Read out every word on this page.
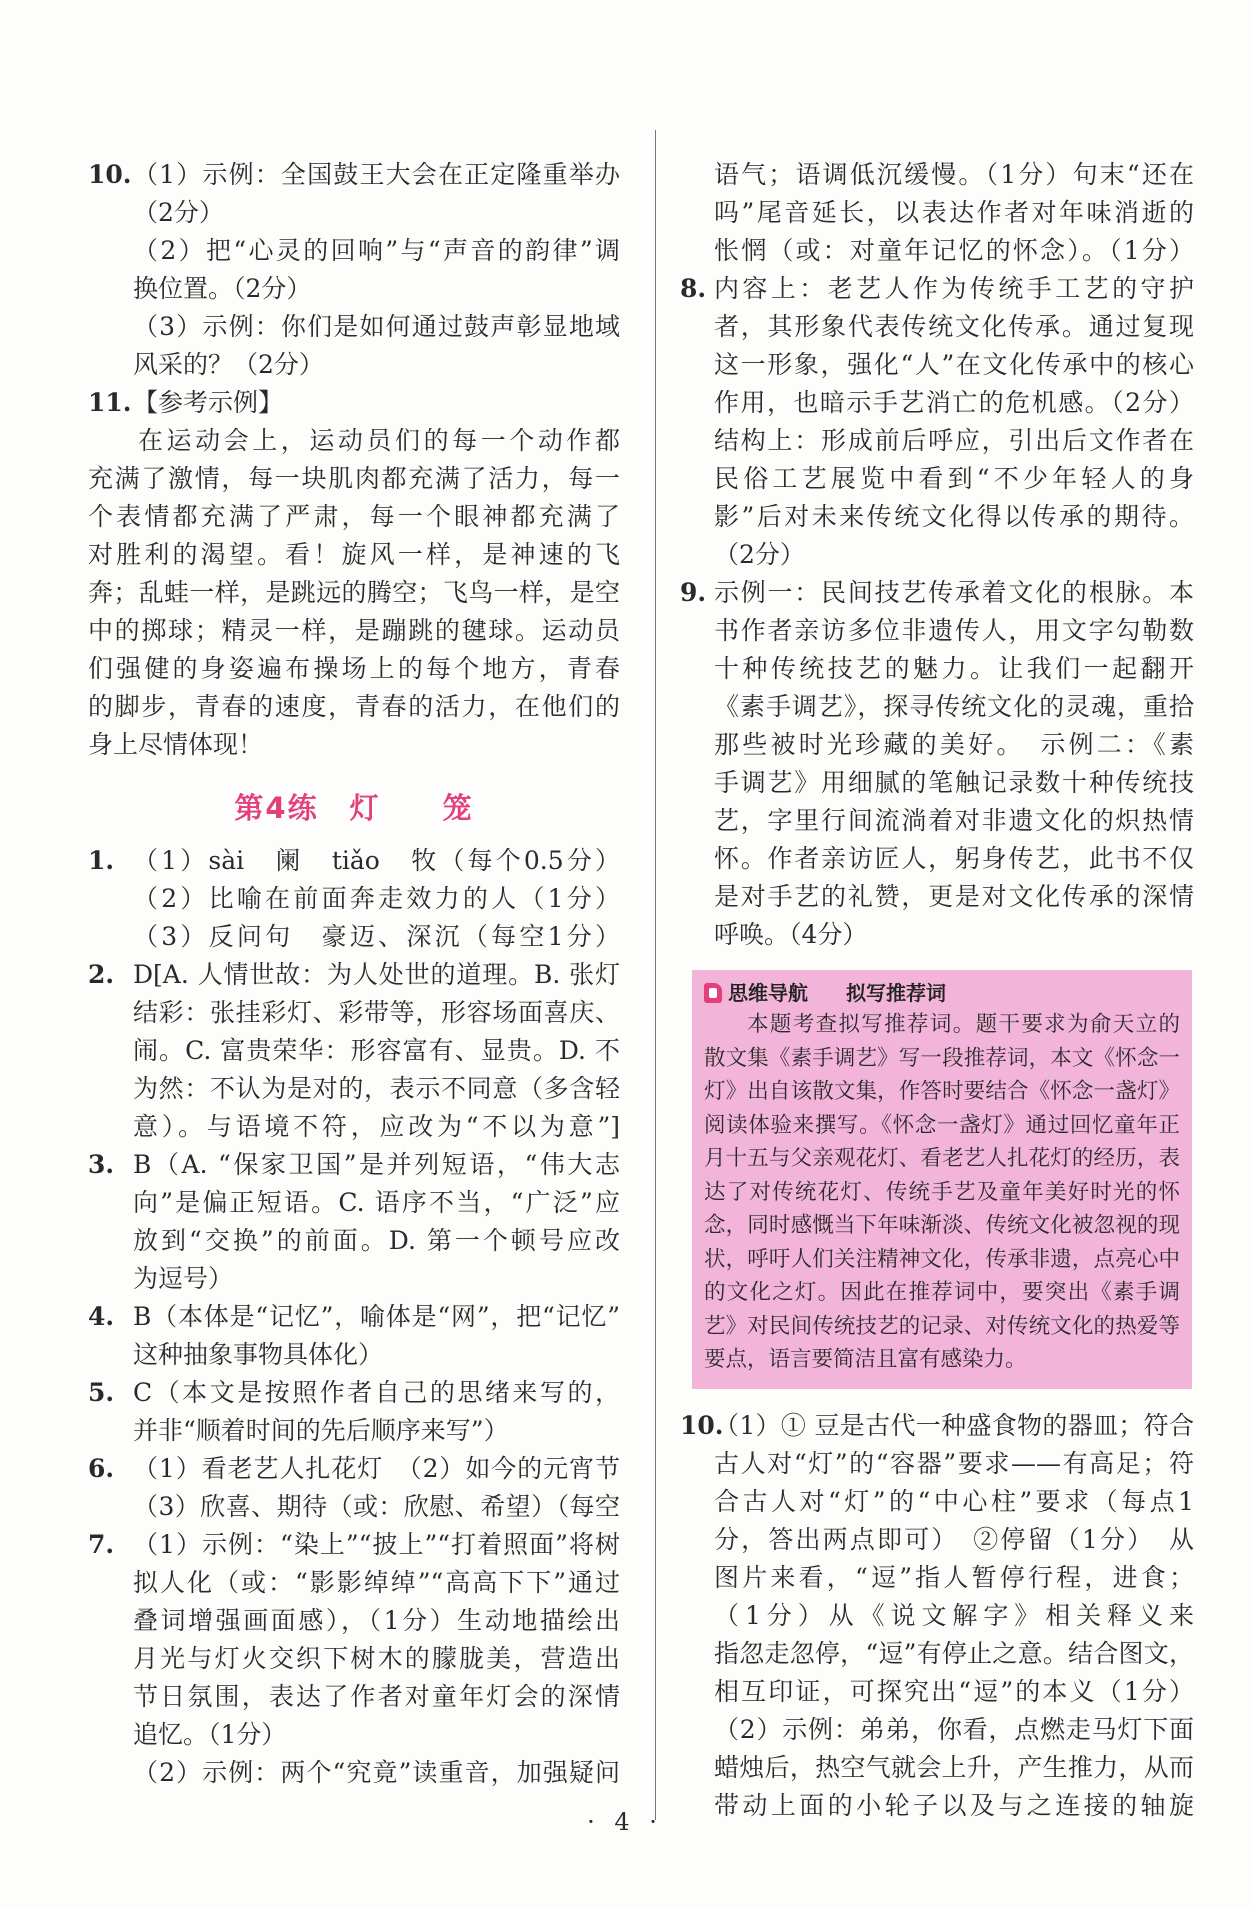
10. （1）示例：全国鼓王大会在正定隆重举办
（2分）
（2）把“心灵的回响”与“声音的韵律”调
换位置。（2分）
（3）示例：你们是如何通过鼓声彰显地域
风采的？（2分）
11. 【参考示例】
在运动会上，运动员们的每一个动作都
充满了激情，每一块肌肉都充满了活力，每一
个表情都充满了严肃，每一个眼神都充满了
对胜利的渴望。看！旋风一样，是神速的飞
奔；乱蛙一样，是跳远的腾空；飞鸟一样，是空
中的掷球；精灵一样，是蹦跳的毽球。运动员
们强健的身姿遍布操场上的每个地方，青春
的脚步，青春的速度，青春的活力，在他们的
身上尽情体现！
第4练　灯　　笼
1. （1）sài　阑　tiǎo　牧（每个0.5分）
（2）比喻在前面奔走效力的人（1分）
（3）反问句　豪迈、深沉（每空1分）
2. D[A. 人情世故：为人处世的道理。B. 张灯
结彩：张挂彩灯、彩带等，形容场面喜庆、
闹。C. 富贵荣华：形容富有、显贵。D. 不
为然：不认为是对的，表示不同意（多含轻
意）。与语境不符，应改为“不以为意”]
3. B（A. “保家卫国”是并列短语，“伟大志
向”是偏正短语。C. 语序不当，“广泛”应
放到“交换”的前面。D. 第一个顿号应改
为逗号）
4. B（本体是“记忆”，喻体是“网”，把“记忆”
这种抽象事物具体化）
5. C（本文是按照作者自己的思绪来写的，
并非“顺着时间的先后顺序来写”）
6. （1）看老艺人扎花灯　（2）如今的元宵节
（3）欣喜、期待（或：欣慰、希望）（每空
7. （1）示例：“染上”“披上”“打着照面”将树
拟人化（或：“影影绰绰”“高高下下”通过
叠词增强画面感），（1分）生动地描绘出
月光与灯火交织下树木的朦胧美，营造出
节日氛围，表达了作者对童年灯会的深情
追忆。（1分）
（2）示例：两个“究竟”读重音，加强疑问
语气；语调低沉缓慢。（1分）句末“还在
吗”尾音延长，以表达作者对年味消逝的
怅惘（或：对童年记忆的怀念）。（1分）
8. 内容上：老艺人作为传统手工艺的守护
者，其形象代表传统文化传承。通过复现
这一形象，强化“人”在文化传承中的核心
作用，也暗示手艺消亡的危机感。（2分）
结构上：形成前后呼应，引出后文作者在
民俗工艺展览中看到“不少年轻人的身
影”后对未来传统文化得以传承的期待。
（2分）
9. 示例一：民间技艺传承着文化的根脉。本
书作者亲访多位非遗传人，用文字勾勒数
十种传统技艺的魅力。让我们一起翻开
《素手调艺》，探寻传统文化的灵魂，重拾
那些被时光珍藏的美好。　示例二：《素
手调艺》用细腻的笔触记录数十种传统技
艺，字里行间流淌着对非遗文化的炽热情
怀。作者亲访匠人，躬身传艺，此书不仅
是对手艺的礼赞，更是对文化传承的深情
呼唤。（4分）
思维导航 拟写推荐词
本题考查拟写推荐词。题干要求为俞天立的
散文集《素手调艺》写一段推荐词，本文《怀念一
灯》出自该散文集，作答时要结合《怀念一盏灯》
阅读体验来撰写。《怀念一盏灯》通过回忆童年正
月十五与父亲观花灯、看老艺人扎花灯的经历，表
达了对传统花灯、传统手艺及童年美好时光的怀
念，同时感慨当下年味渐淡、传统文化被忽视的现
状，呼吁人们关注精神文化，传承非遗，点亮心中
的文化之灯。因此在推荐词中，要突出《素手调
艺》对民间传统技艺的记录、对传统文化的热爱等
要点，语言要简洁且富有感染力。
10.
（1）① 豆是古代一种盛食物的器皿；符合
古人对“灯”的“容器”要求——有高足；符
合古人对“灯”的“中心柱”要求（每点1
分，答出两点即可）　②停留（1分）　从
图片来看，“逗”指人暂停行程，进食；
（1分）从《说文解字》相关释义来
指忽走忽停，“逗”有停止之意。结合图文，
相互印证，可探究出“逗”的本义（1分）
（2）示例：弟弟，你看，点燃走马灯下面
蜡烛后，热空气就会上升，产生推力，从而
带动上面的小轮子以及与之连接的轴旋
· 4 ·
